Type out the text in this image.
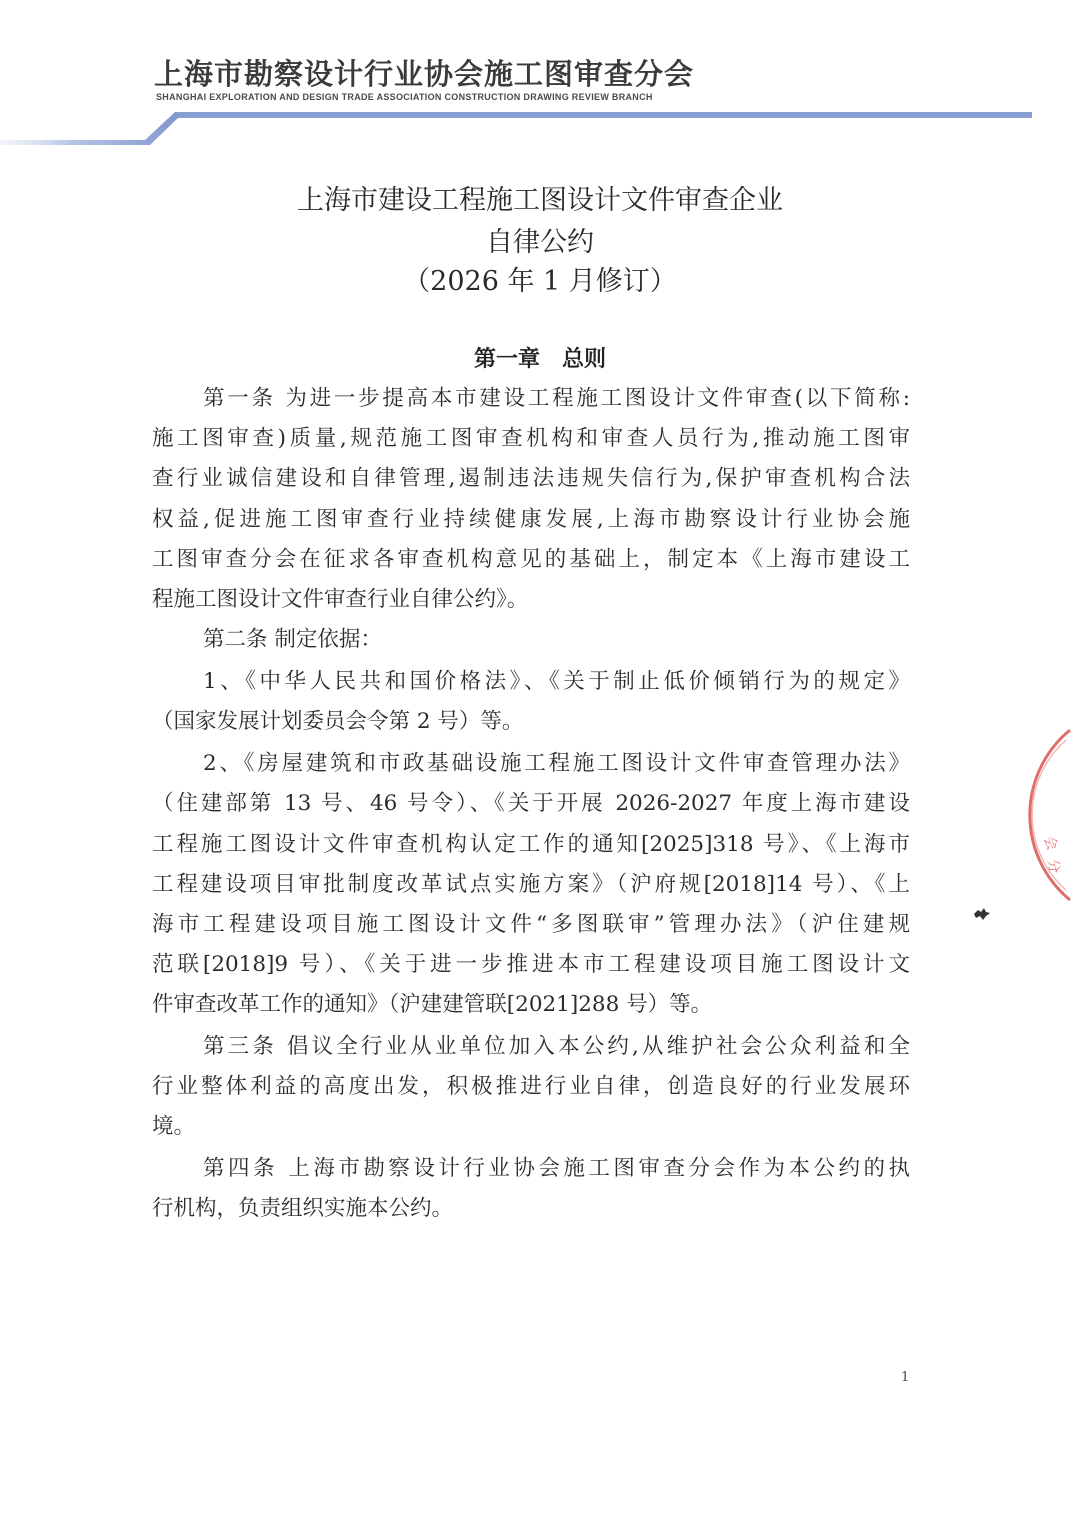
上海市勘察设计行业协会施工图审查分会
SHANGHAI EXPLORATION AND DESIGN TRADE ASSOCIATION CONSTRUCTION DRAWING REVIEW BRANCH
上海市建设工程施工图设计文件审查企业
自律公约
（2026 年 1 月修订）
第一章　总则
第一条 为进一步提高本市建设工程施工图设计文件审查(以下简称:
施工图审查)质量,规范施工图审查机构和审查人员行为,推动施工图审
查行业诚信建设和自律管理,遏制违法违规失信行为,保护审查机构合法
权益,促进施工图审查行业持续健康发展,上海市勘察设计行业协会施
工图审查分会在征求各审查机构意见的基础上，制定本《上海市建设工
程施工图设计文件审查行业自律公约》。
第二条 制定依据：
1、《中华人民共和国价格法》、《关于制止低价倾销行为的规定》
（国家发展计划委员会令第 2 号）等。
2、《房屋建筑和市政基础设施工程施工图设计文件审查管理办法》
（住建部第 13 号、46 号令）、《关于开展 2026-2027 年度上海市建设
工程施工图设计文件审查机构认定工作的通知[2025]318 号》、《上海市
工程建设项目审批制度改革试点实施方案》（沪府规[2018]14 号）、《上
海市工程建设项目施工图设计文件“多图联审”管理办法》（沪住建规
范联[2018]9 号）、《关于进一步推进本市工程建设项目施工图设计文
件审查改革工作的通知》（沪建建管联[2021]288 号）等。
第三条 倡议全行业从业单位加入本公约,从维护社会公众利益和全
行业整体利益的高度出发，积极推进行业自律，创造良好的行业发展环
境。
第四条 上海市勘察设计行业协会施工图审查分会作为本公约的执
行机构，负责组织实施本公约。
会
分
1
